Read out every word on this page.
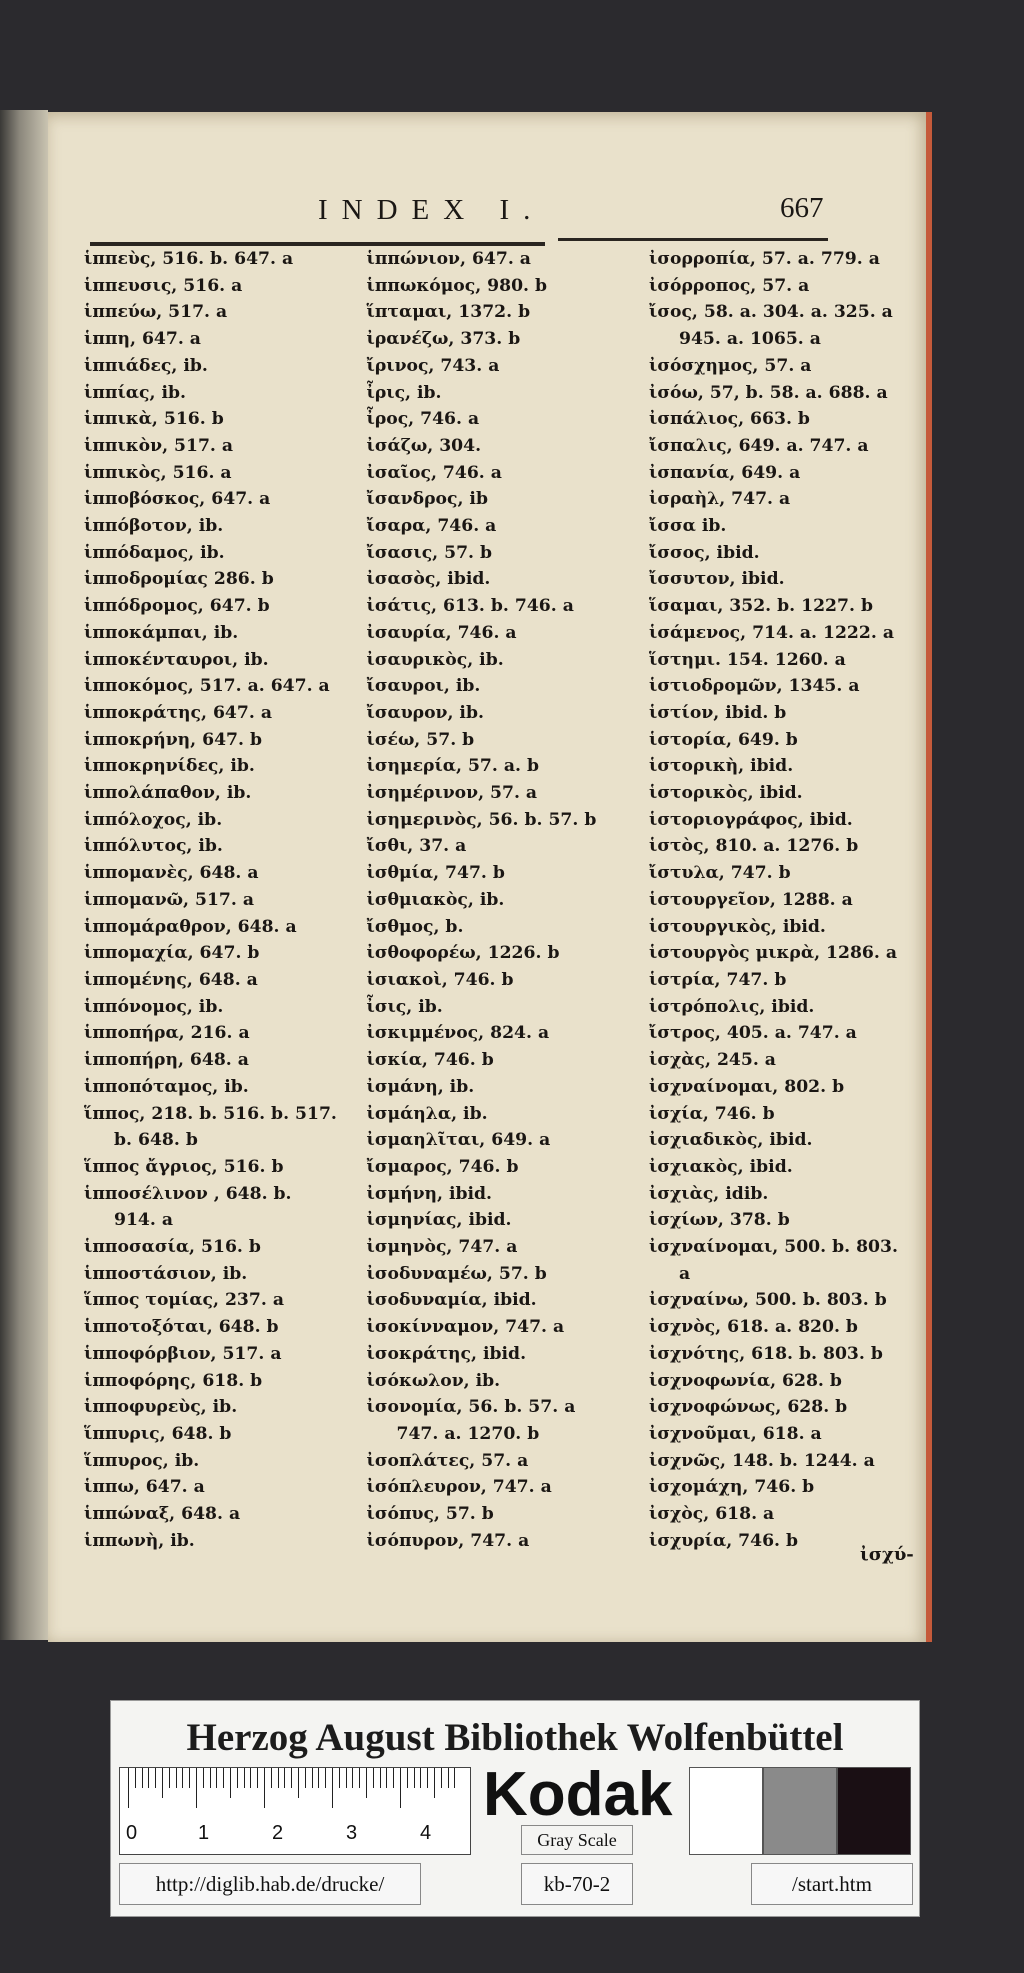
INDEX I.	667
ἱππεὺς, 516. b. 647. a
ἱππευσις, 516. a
ἱππεύω, 517. a
ἱππη, 647. a
ἱππιάδες, ib.
ἱππίας, ib.
ἱππικὰ, 516. b
ἱππικὸν, 517. a
ἱππικὸς, 516. a
ἱπποβόσκος, 647. a
ἱππόβοτον, ib.
ἱππόδαμος, ib.
ἱπποδρομίας 286. b
ἱππόδρομος, 647. b
ἱπποκάμπαι, ib.
ἱπποκένταυροι, ib.
ἱπποκόμος, 517. a. 647. a
ἱπποκράτης, 647. a
ἱπποκρήνη, 647. b
ἱπποκρηνίδες, ib.
ἱππολάπαθον, ib.
ἱππόλοχος, ib.
ἱππόλυτος, ib.
ἱππομανὲς, 648. a
ἱππομανῶ, 517. a
ἱππομάραθρον, 648. a
ἱππομαχία, 647. b
ἱππομένης, 648. a
ἱππόνομος, ib.
ἱπποπήρα, 216. a
ἱπποπήρη, 648. a
ἱπποπόταμος, ib.
ἵππος, 218. b. 516. b. 517.
b. 648. b
ἵππος ἄγριος, 516. b
ἱπποσέλινον , 648. b.
914. a
ἱπποσασία, 516. b
ἱπποστάσιον, ib.
ἵππος τομίας, 237. a
ἱπποτοξόται, 648. b
ἱπποφόρβιον, 517. a
ἱπποφόρης, 618. b
ἱπποφυρεὺς, ib.
ἵππυρις, 648. b
ἵππυρος, ib.
ἱππω, 647. a
ἱππώναξ, 648. a
ἱππωνὴ, ib.
ἱππώνιον, 647. a
ἱππωκόμος, 980. b
ἵπταμαι, 1372. b
ἰρανέζω, 373. b
ἴρινος, 743. a
ἶρις, ib.
ἶρος, 746. a
ἰσάζω, 304.
ἰσαῖος, 746. a
ἴσανδρος, ib
ἴσαρα, 746. a
ἴσασις, 57. b
ἰσασὸς, ibid.
ἰσάτις, 613. b. 746. a
ἰσαυρία, 746. a
ἰσαυρικὸς, ib.
ἴσαυροι, ib.
ἴσαυρον, ib.
ἰσέω, 57. b
ἰσημερία, 57. a. b
ἰσημέρινον, 57. a
ἰσημερινὸς, 56. b. 57. b
ἴσθι, 37. a
ἰσθμία, 747. b
ἰσθμιακὸς, ib.
ἴσθμος, b.
ἰσθοφορέω, 1226. b
ἰσιακοὶ, 746. b
ἶσις, ib.
ἰσκιμμένος, 824. a
ἰσκία, 746. b
ἰσμάνη, ib.
ἰσμάηλα, ib.
ἰσμαηλῖται, 649. a
ἴσμαρος, 746. b
ἰσμήνη, ibid.
ἰσμηνίας, ibid.
ἰσμηνὸς, 747. a
ἰσοδυναμέω, 57. b
ἰσοδυναμία, ibid.
ἰσοκίνναμον, 747. a
ἰσοκράτης, ibid.
ἰσόκωλον, ib.
ἰσονομία, 56. b. 57. a
747. a. 1270. b
ἰσοπλάτες, 57. a
ἰσόπλευρον, 747. a
ἰσόπυς, 57. b
ἰσόπυρον, 747. a
ἰσορροπία, 57. a. 779. a
ἰσόρροπος, 57. a
ἴσος, 58. a. 304. a. 325. a
945. a. 1065. a
ἰσόσχημος, 57. a
ἰσόω, 57, b. 58. a. 688. a
ἰσπάλιος, 663. b
ἴσπαλις, 649. a. 747. a
ἰσπανία, 649. a
ἰσραὴλ, 747. a
ἴσσα ib.
ἴσσος, ibid.
ἴσσυτον, ibid.
ἵσαμαι, 352. b. 1227. b
ἱσάμενος, 714. a. 1222. a
ἵστημι. 154. 1260. a
ἱστιοδρομῶν, 1345. a
ἱστίον, ibid. b
ἱστορία, 649. b
ἱστορικὴ, ibid.
ἱστορικὸς, ibid.
ἱστοριογράφος, ibid.
ἱστὸς, 810. a. 1276. b
ἴστυλα, 747. b
ἱστουργεῖον, 1288. a
ἱστουργικὸς, ibid.
ἱστουργὸς μικρὰ, 1286. a
ἱστρία, 747. b
ἱστρόπολις, ibid.
ἴστρος, 405. a. 747. a
ἰσχὰς, 245. a
ἰσχναίνομαι, 802. b
ἰσχία, 746. b
ἰσχιαδικὸς, ibid.
ἰσχιακὸς, ibid.
ἰσχιὰς, idib.
ἰσχίων, 378. b
ἰσχναίνομαι, 500. b. 803.
a
ἰσχναίνω, 500. b. 803. b
ἰσχνὸς, 618. a. 820. b
ἰσχνότης, 618. b. 803. b
ἰσχνοφωνία, 628. b
ἰσχνοφώνως, 628. b
ἰσχνοῦμαι, 618. a
ἰσχνῶς, 148. b. 1244. a
ἰσχομάχη, 746. b
ἰσχὸς, 618. a
ἰσχυρία, 746. b
ἰσχύ-
Herzog August Bibliothek Wolfenbüttel
0	1	2	3	4
Kodak
Gray Scale
http://diglib.hab.de/drucke/	kb-70-2	/start.htm
